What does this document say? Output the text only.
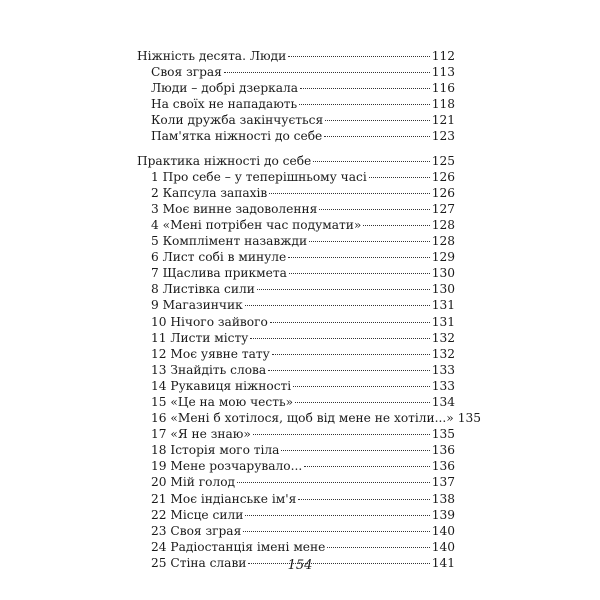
Ніжність десята. Люди	112
Своя зграя	113
Люди – добрі дзеркала	116
На своїх не нападають	118
Коли дружба закінчується	121
Пам'ятка ніжності до себе	123
Практика ніжності до себе	125
1 Про себе – у теперішньому часі	126
2 Капсула запахів	126
3 Моє винне задоволення	127
4 «Мені потрібен час подумати»	128
5 Комплімент назавжди	128
6 Лист собі в минуле	129
7 Щаслива прикмета	130
8 Листівка сили	130
9 Магазинчик	131
10 Нічого зайвого	131
11 Листи місту	132
12 Моє уявне тату	132
13 Знайдіть слова	133
14 Рукавиця ніжності	133
15 «Це на мою честь»	134
16 «Мені б хотілося, щоб від мене не хотіли...» 135
17 «Я не знаю»	135
18 Історія мого тіла	136
19 Мене розчарувало...	136
20 Мій голод	137
21 Моє індіанське ім'я	138
22 Місце сили	139
23 Своя зграя	140
24 Радіостанція імені мене	140
25 Стіна слави	141
154
